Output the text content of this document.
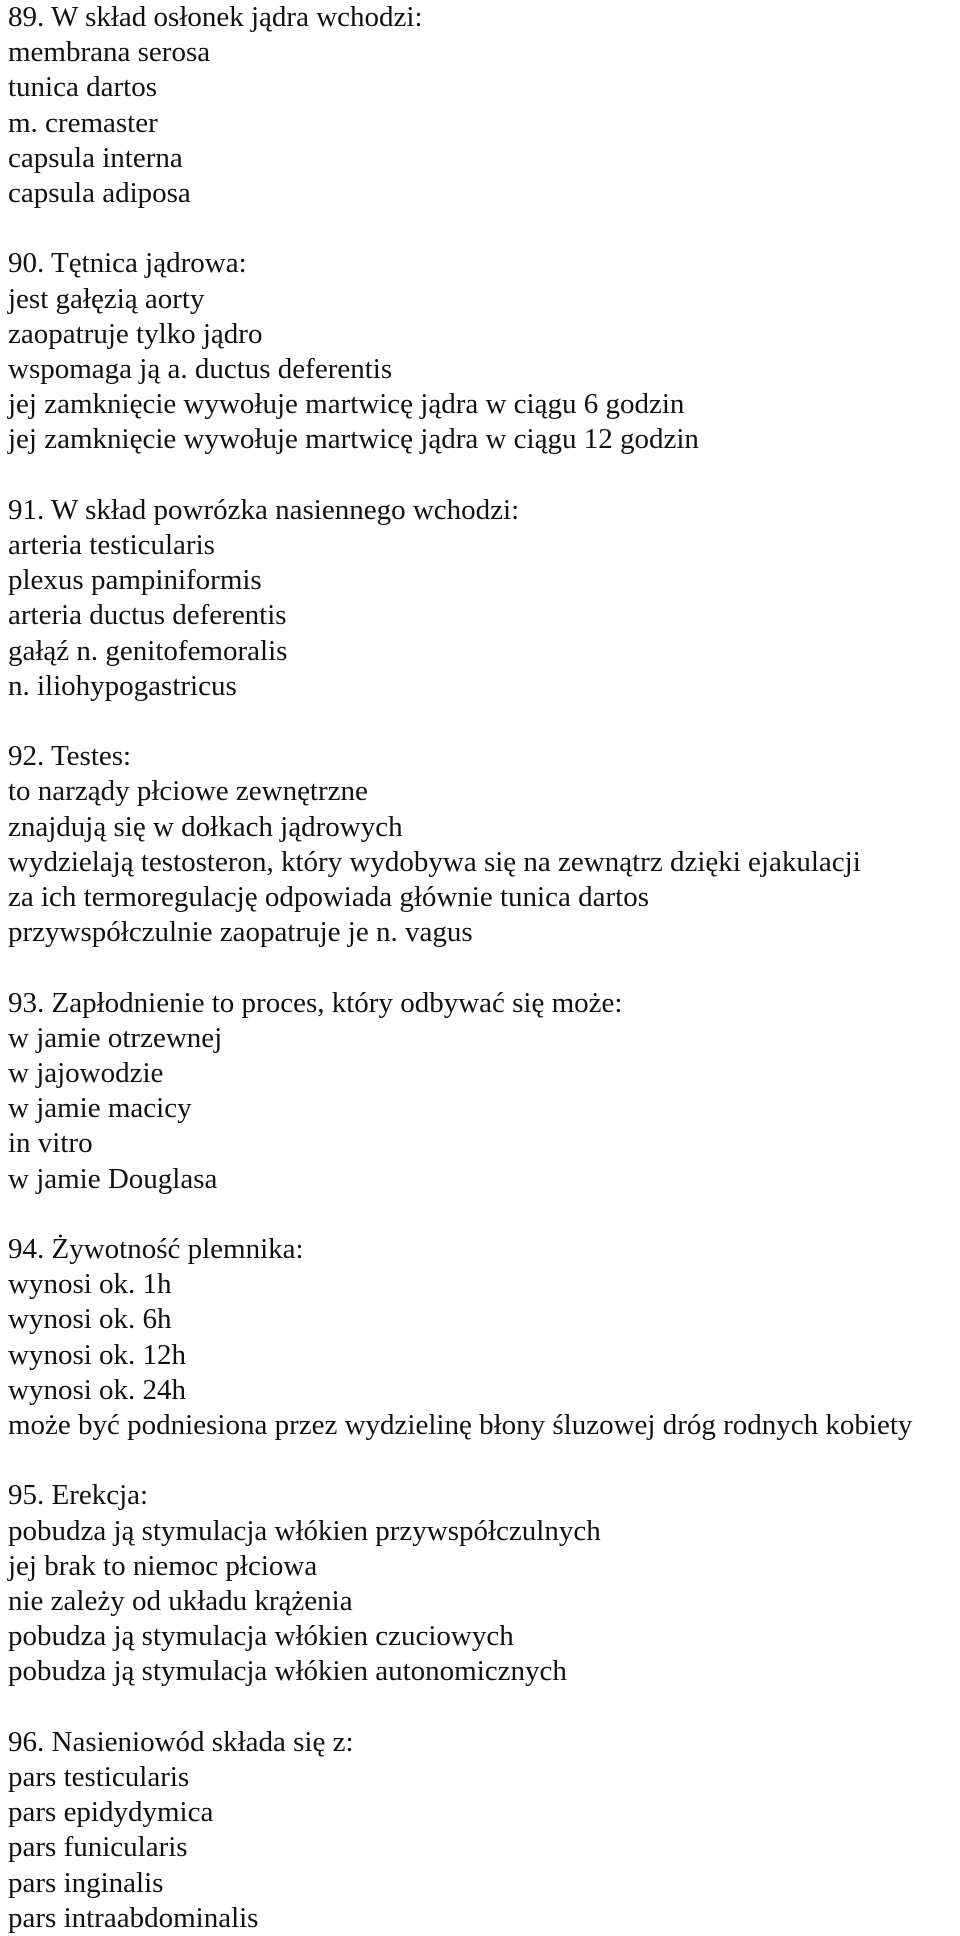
89. W skład osłonek jądra wchodzi:
membrana serosa
tunica dartos
m. cremaster
capsula interna
capsula adiposa
90. Tętnica jądrowa:
jest gałęzią aorty
zaopatruje tylko jądro
wspomaga ją a. ductus deferentis
jej zamknięcie wywołuje martwicę jądra w ciągu 6 godzin
jej zamknięcie wywołuje martwicę jądra w ciągu 12 godzin
91. W skład powrózka nasiennego wchodzi:
arteria testicularis
plexus pampiniformis
arteria ductus deferentis
gałąź n. genitofemoralis
n. iliohypogastricus
92. Testes:
to narządy płciowe zewnętrzne
znajdują się w dołkach jądrowych
wydzielają testosteron, który wydobywa się na zewnątrz dzięki ejakulacji
za ich termoregulację odpowiada głównie tunica dartos
przywspółczulnie zaopatruje je n. vagus
93. Zapłodnienie to proces, który odbywać się może:
w jamie otrzewnej
w jajowodzie
w jamie macicy
in vitro
w jamie Douglasa
94. Żywotność plemnika:
wynosi ok. 1h
wynosi ok. 6h
wynosi ok. 12h
wynosi ok. 24h
może być podniesiona przez wydzielinę błony śluzowej dróg rodnych kobiety
95. Erekcja:
pobudza ją stymulacja włókien przywspółczulnych
jej brak to niemoc płciowa
nie zależy od układu krążenia
pobudza ją stymulacja włókien czuciowych
pobudza ją stymulacja włókien autonomicznych
96. Nasieniowód składa się z:
pars testicularis
pars epidydymica
pars funicularis
pars inginalis
pars intraabdominalis
